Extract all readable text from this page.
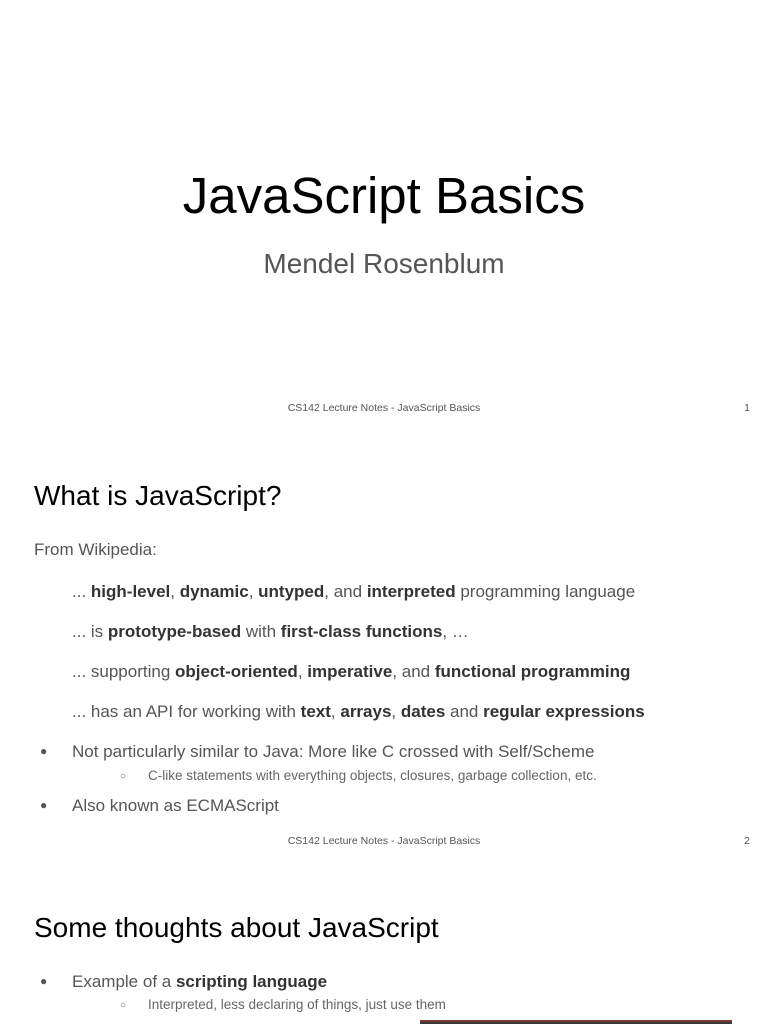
JavaScript Basics
Mendel Rosenblum
CS142 Lecture Notes - JavaScript Basics	1
What is JavaScript?
From Wikipedia:
... high-level, dynamic, untyped, and interpreted programming language
... is prototype-based with first-class functions, …
... supporting object-oriented, imperative, and functional programming
... has an API for working with text, arrays, dates and regular expressions
● Not particularly similar to Java: More like C crossed with Self/Scheme
○ C-like statements with everything objects, closures, garbage collection, etc.
● Also known as ECMAScript
CS142 Lecture Notes - JavaScript Basics	2
Some thoughts about JavaScript
● Example of a scripting language
○ Interpreted, less declaring of things, just use them
